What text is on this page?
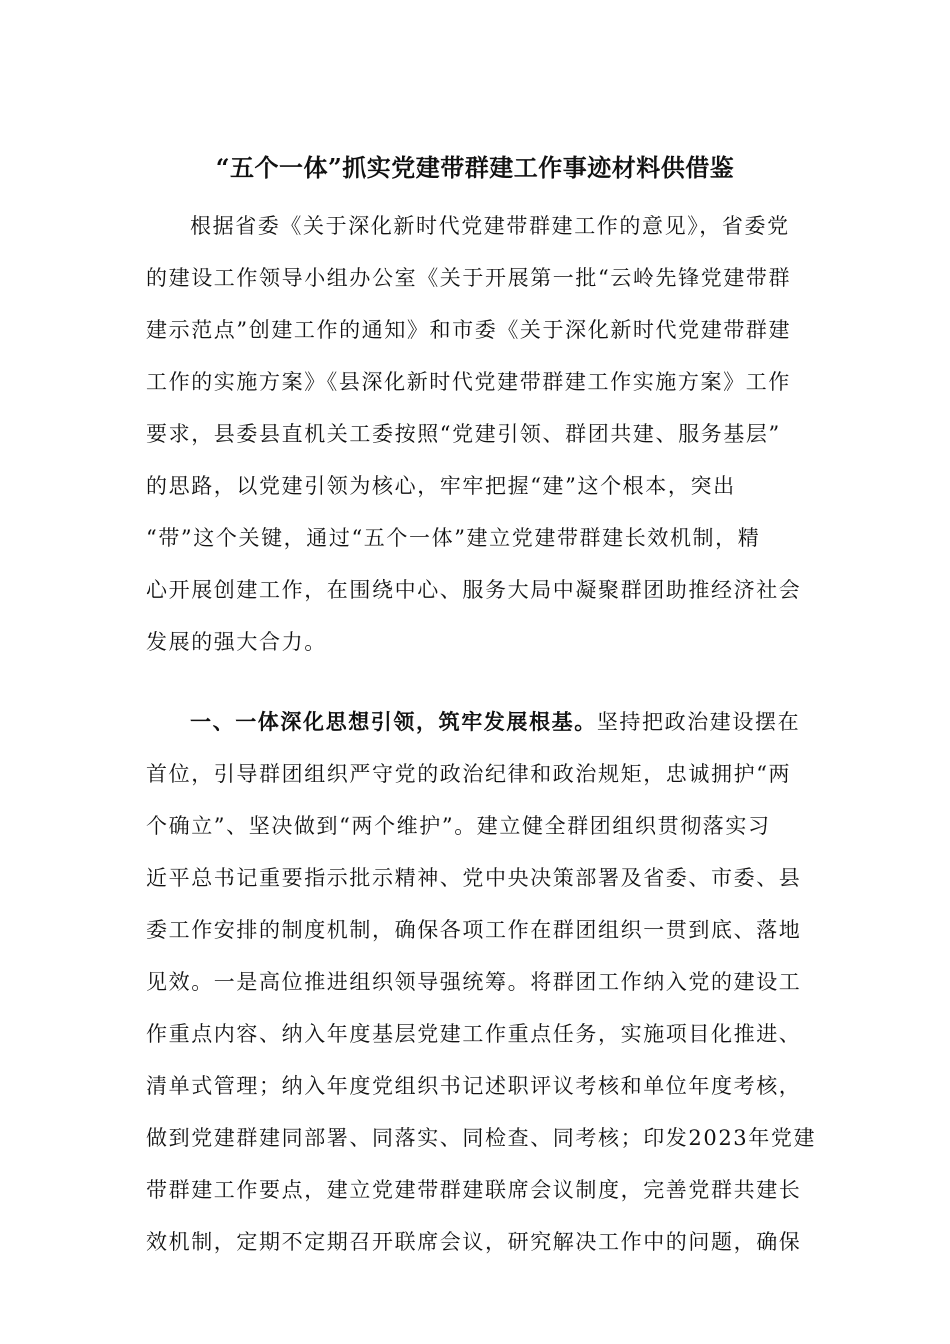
“五个一体”抓实党建带群建工作事迹材料供借鉴
根据省委《关于深化新时代党建带群建工作的意见》，省委党
的建设工作领导小组办公室《关于开展第一批“云岭先锋党建带群
建示范点”创建工作的通知》和市委《关于深化新时代党建带群建
工作的实施方案》《县深化新时代党建带群建工作实施方案》工作
要求，县委县直机关工委按照“党建引领、群团共建、服务基层”
的思路，以党建引领为核心，牢牢把握“建”这个根本，突出
“带”这个关键，通过“五个一体”建立党建带群建长效机制，精
心开展创建工作，在围绕中心、服务大局中凝聚群团助推经济社会
发展的强大合力。
一、一体深化思想引领，筑牢发展根基。坚持把政治建设摆在
首位，引导群团组织严守党的政治纪律和政治规矩，忠诚拥护“两
个确立”、坚决做到“两个维护”。建立健全群团组织贯彻落实习
近平总书记重要指示批示精神、党中央决策部署及省委、市委、县
委工作安排的制度机制，确保各项工作在群团组织一贯到底、落地
见效。一是高位推进组织领导强统筹。将群团工作纳入党的建设工
作重点内容、纳入年度基层党建工作重点任务，实施项目化推进、
清单式管理；纳入年度党组织书记述职评议考核和单位年度考核，
做到党建群建同部署、同落实、同检查、同考核；印发2023年党建
带群建工作要点，建立党建带群建联席会议制度，完善党群共建长
效机制，定期不定期召开联席会议，研究解决工作中的问题，确保
